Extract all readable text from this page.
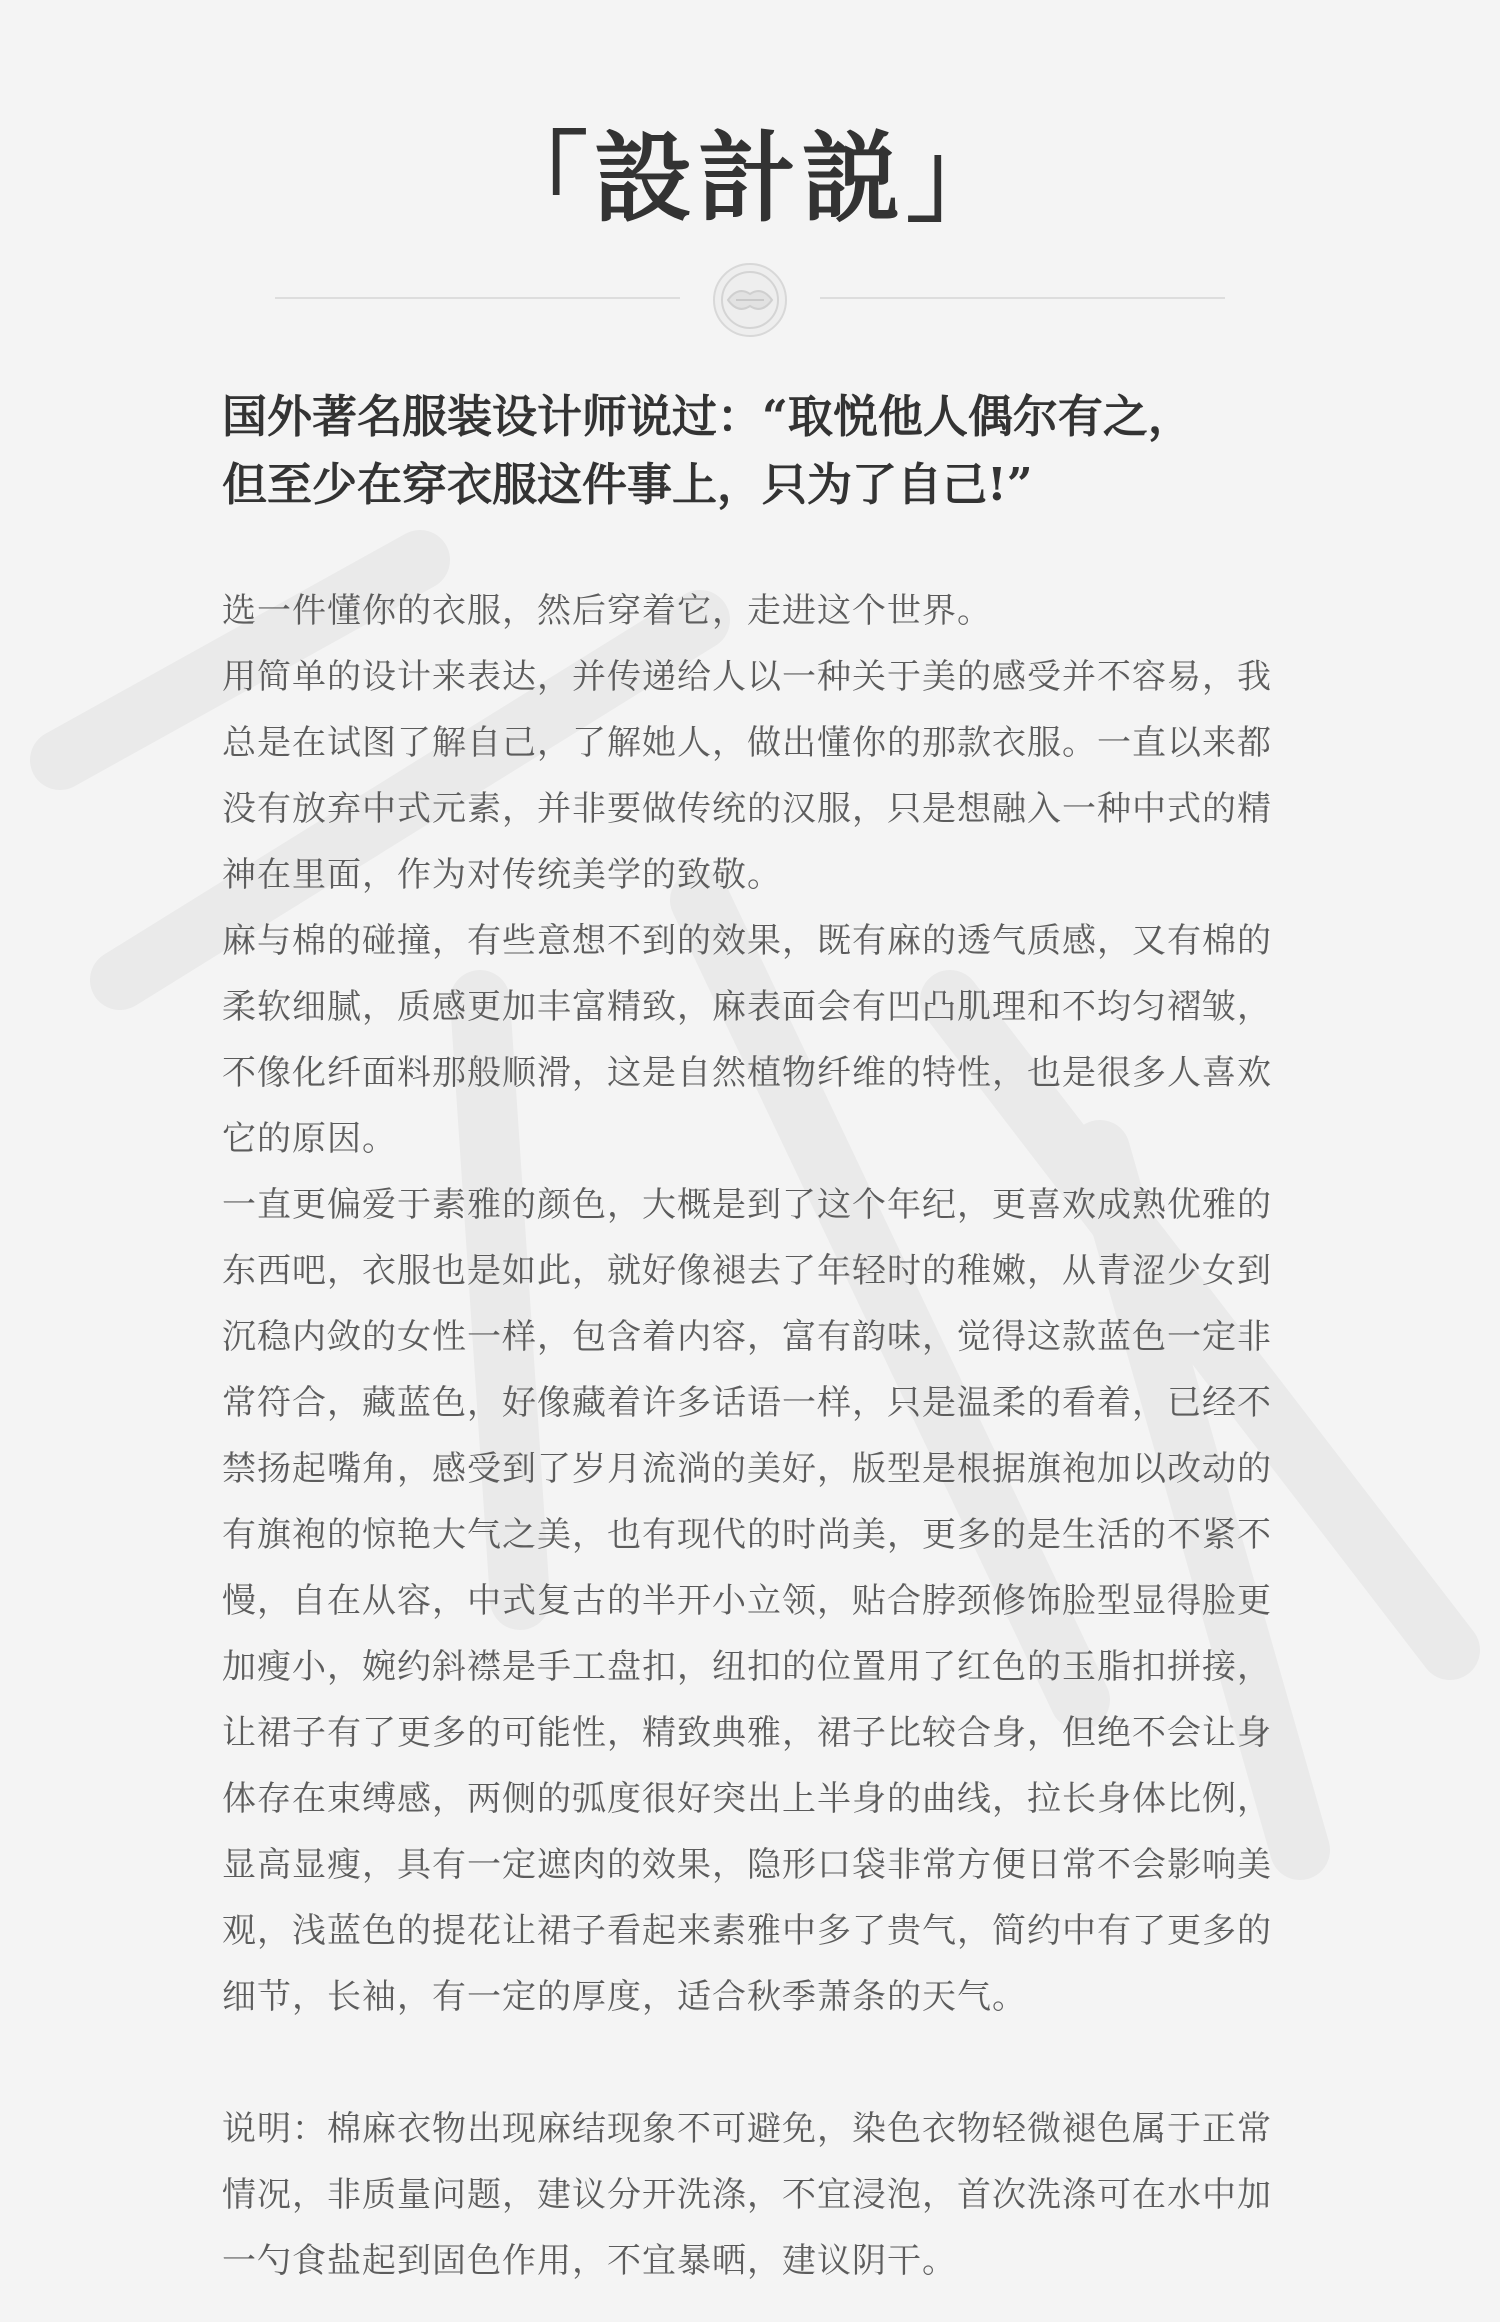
「設計説」

国外著名服装设计师说过：“取悦他人偶尔有之，

但至少在穿衣服这件事上，只为了自己!”

选一件懂你的衣服，然后穿着它，走进这个世界。

用简单的设计来表达，并传递给人以一种关于美的感受并不容易，我

总是在试图了解自己，了解她人，做出懂你的那款衣服。一直以来都

没有放弃中式元素，并非要做传统的汉服，只是想融入一种中式的精

神在里面，作为对传统美学的致敬。

麻与棉的碰撞，有些意想不到的效果，既有麻的透气质感，又有棉的

柔软细腻，质感更加丰富精致，麻表面会有凹凸肌理和不均匀褶皱，

不像化纤面料那般顺滑，这是自然植物纤维的特性，也是很多人喜欢

它的原因。

一直更偏爱于素雅的颜色，大概是到了这个年纪，更喜欢成熟优雅的

东西吧，衣服也是如此，就好像褪去了年轻时的稚嫩，从青涩少女到

沉稳内敛的女性一样，包含着内容，富有韵味，觉得这款蓝色一定非

常符合，藏蓝色，好像藏着许多话语一样，只是温柔的看着，已经不

禁扬起嘴角，感受到了岁月流淌的美好，版型是根据旗袍加以改动的

有旗袍的惊艳大气之美，也有现代的时尚美，更多的是生活的不紧不

慢，自在从容，中式复古的半开小立领，贴合脖颈修饰脸型显得脸更

加瘦小，婉约斜襟是手工盘扣，纽扣的位置用了红色的玉脂扣拼接，

让裙子有了更多的可能性，精致典雅，裙子比较合身，但绝不会让身

体存在束缚感，两侧的弧度很好突出上半身的曲线，拉长身体比例，

显高显瘦，具有一定遮肉的效果，隐形口袋非常方便日常不会影响美

观，浅蓝色的提花让裙子看起来素雅中多了贵气，简约中有了更多的

细节，长袖，有一定的厚度，适合秋季萧条的天气。

说明：棉麻衣物出现麻结现象不可避免，染色衣物轻微褪色属于正常

情况，非质量问题，建议分开洗涤，不宜浸泡，首次洗涤可在水中加

一勺食盐起到固色作用，不宜暴晒，建议阴干。
